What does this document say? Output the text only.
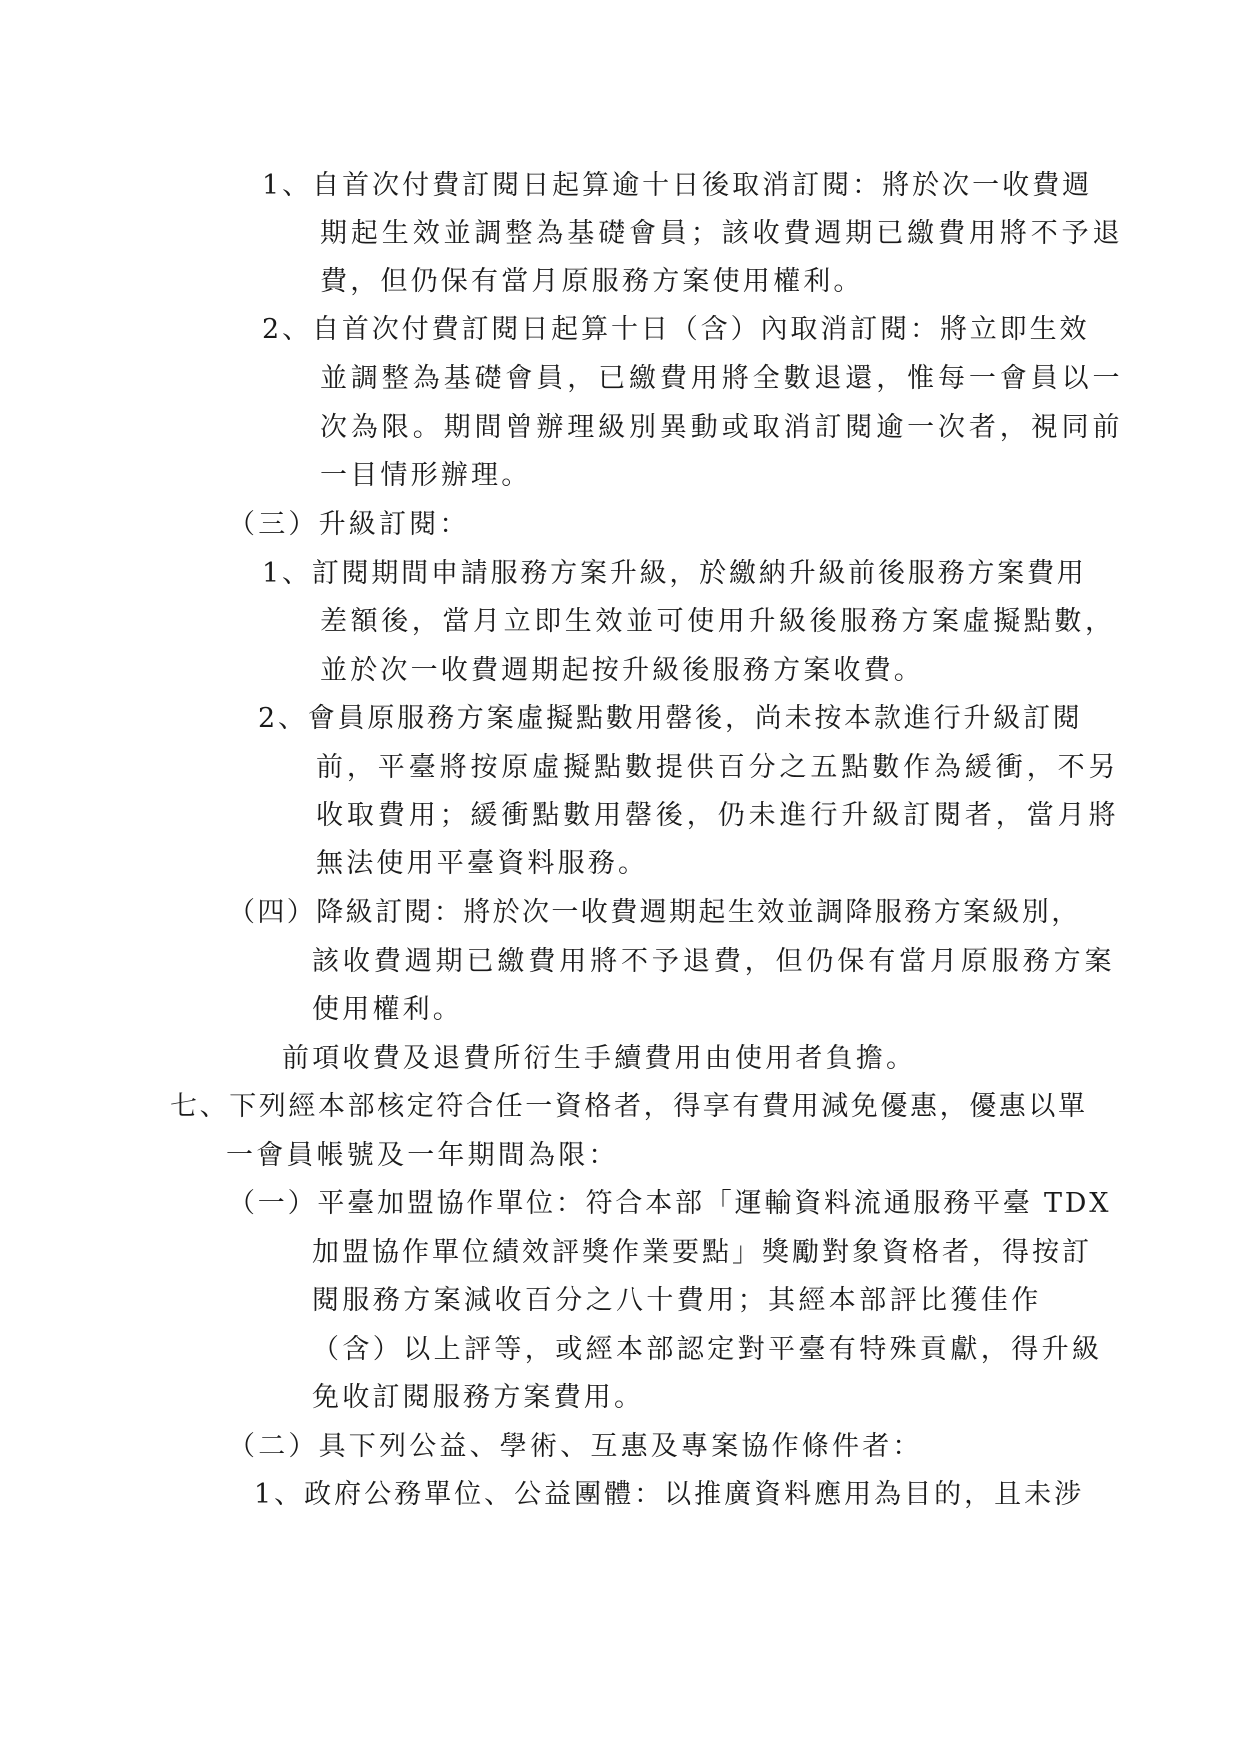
1、自首次付費訂閱日起算逾十日後取消訂閱：將於次一收費週
期起生效並調整為基礎會員；該收費週期已繳費用將不予退
費，但仍保有當月原服務方案使用權利。
2、自首次付費訂閱日起算十日（含）內取消訂閱：將立即生效
並調整為基礎會員，已繳費用將全數退還，惟每一會員以一
次為限。期間曾辦理級別異動或取消訂閱逾一次者，視同前
一目情形辦理。
（三）升級訂閱：
1、訂閱期間申請服務方案升級，於繳納升級前後服務方案費用
差額後，當月立即生效並可使用升級後服務方案虛擬點數，
並於次一收費週期起按升級後服務方案收費。
2、會員原服務方案虛擬點數用罄後，尚未按本款進行升級訂閱
前，平臺將按原虛擬點數提供百分之五點數作為緩衝，不另
收取費用；緩衝點數用罄後，仍未進行升級訂閱者，當月將
無法使用平臺資料服務。
（四）降級訂閱：將於次一收費週期起生效並調降服務方案級別，
該收費週期已繳費用將不予退費，但仍保有當月原服務方案
使用權利。
前項收費及退費所衍生手續費用由使用者負擔。
七、下列經本部核定符合任一資格者，得享有費用減免優惠，優惠以單
一會員帳號及一年期間為限：
（一）平臺加盟協作單位：符合本部「運輸資料流通服務平臺 TDX
加盟協作單位績效評獎作業要點」獎勵對象資格者，得按訂
閱服務方案減收百分之八十費用；其經本部評比獲佳作
（含）以上評等，或經本部認定對平臺有特殊貢獻，得升級
免收訂閱服務方案費用。
（二）具下列公益、學術、互惠及專案協作條件者：
1、政府公務單位、公益團體：以推廣資料應用為目的，且未涉
